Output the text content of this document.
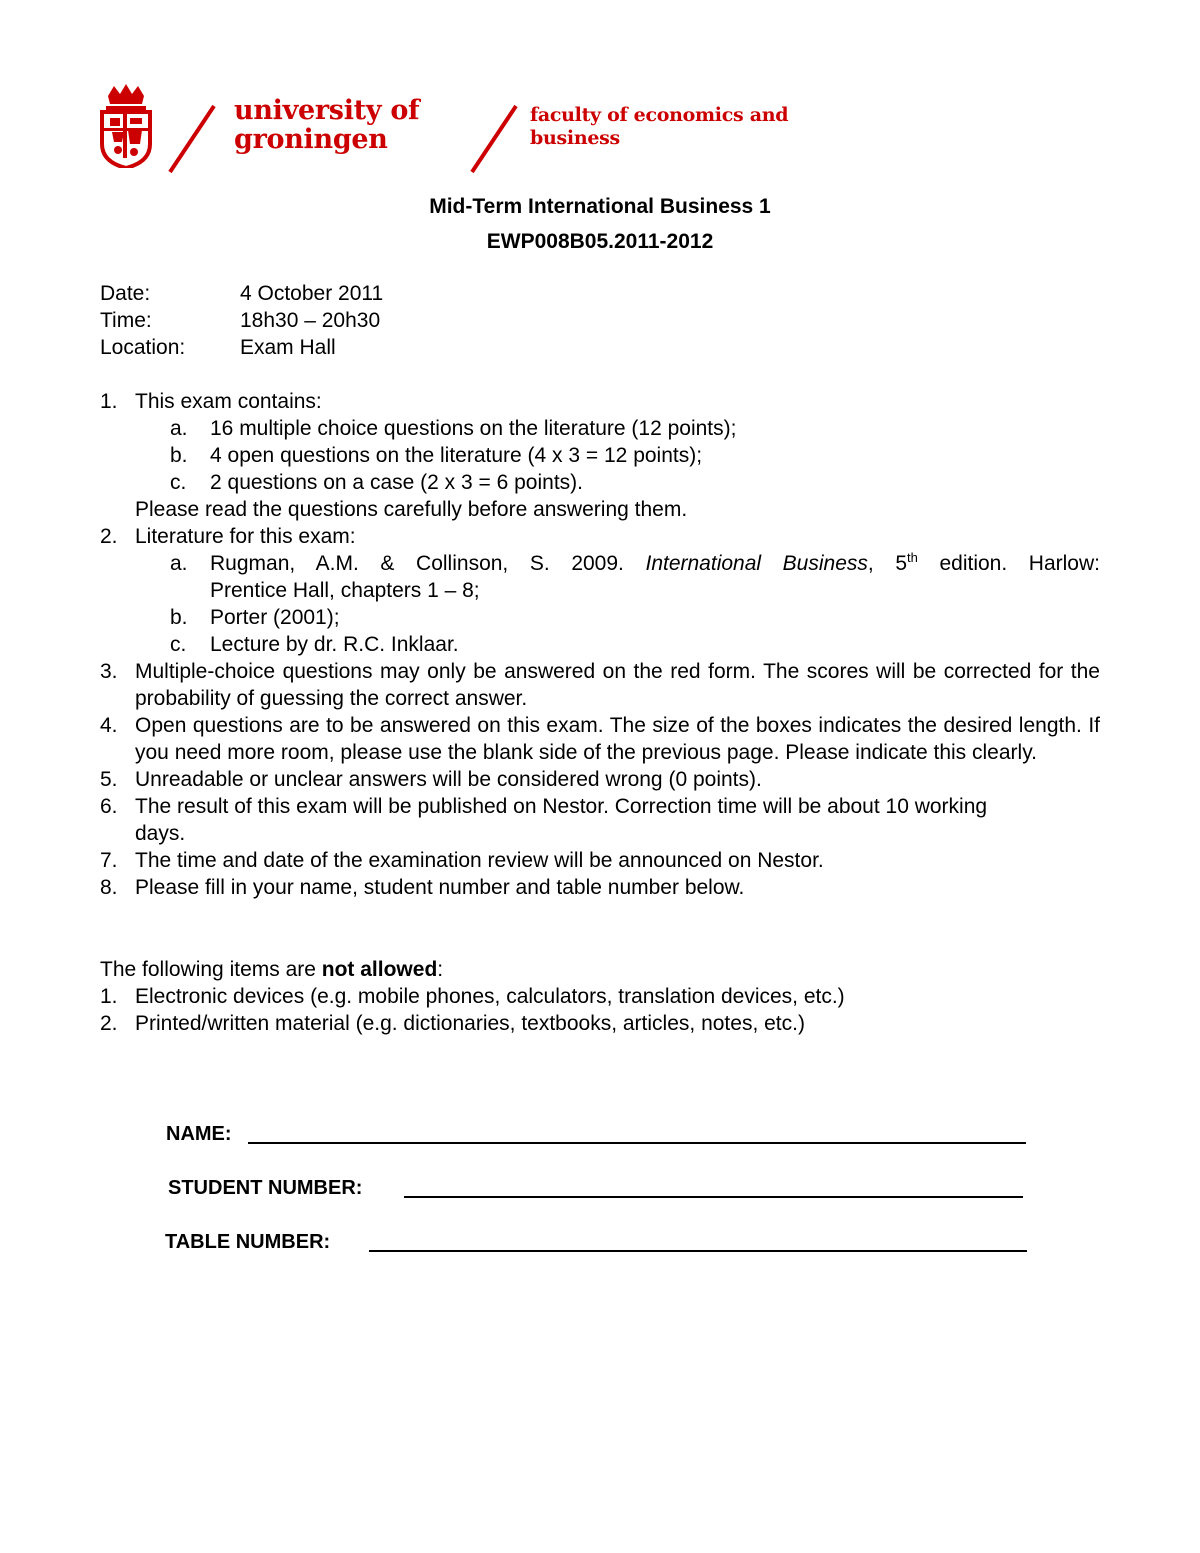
university of
groningen
faculty of economics and
business
Mid-Term International Business 1
EWP008B05.2011-2012
Date:	4 October 2011
Time:	18h30 – 20h30
Location:	Exam Hall
1. This exam contains:
a.	16 multiple choice questions on the literature (12 points);
b.	4 open questions on the literature (4 x 3 = 12 points);
c.	2 questions on a case (2 x 3 = 6 points).
Please read the questions carefully before answering them.
2. Literature for this exam:
a.	Rugman, A.M. & Collinson, S. 2009. International Business, 5th edition. Harlow:
Prentice Hall, chapters 1 – 8;
b.	Porter (2001);
c.	Lecture by dr. R.C. Inklaar.
3. Multiple-choice questions may only be answered on the red form. The scores will be corrected for the probability of guessing the correct answer.
4. Open questions are to be answered on this exam. The size of the boxes indicates the desired length. If you need more room, please use the blank side of the previous page. Please indicate this clearly.
5. Unreadable or unclear answers will be considered wrong (0 points).
6. The result of this exam will be published on Nestor. Correction time will be about 10 working
days.
7. The time and date of the examination review will be announced on Nestor.
8. Please fill in your name, student number and table number below.
The following items are not allowed:
1. Electronic devices (e.g. mobile phones, calculators, translation devices, etc.)
2. Printed/written material (e.g. dictionaries, textbooks, articles, notes, etc.)
NAME:
STUDENT NUMBER:
TABLE NUMBER:
